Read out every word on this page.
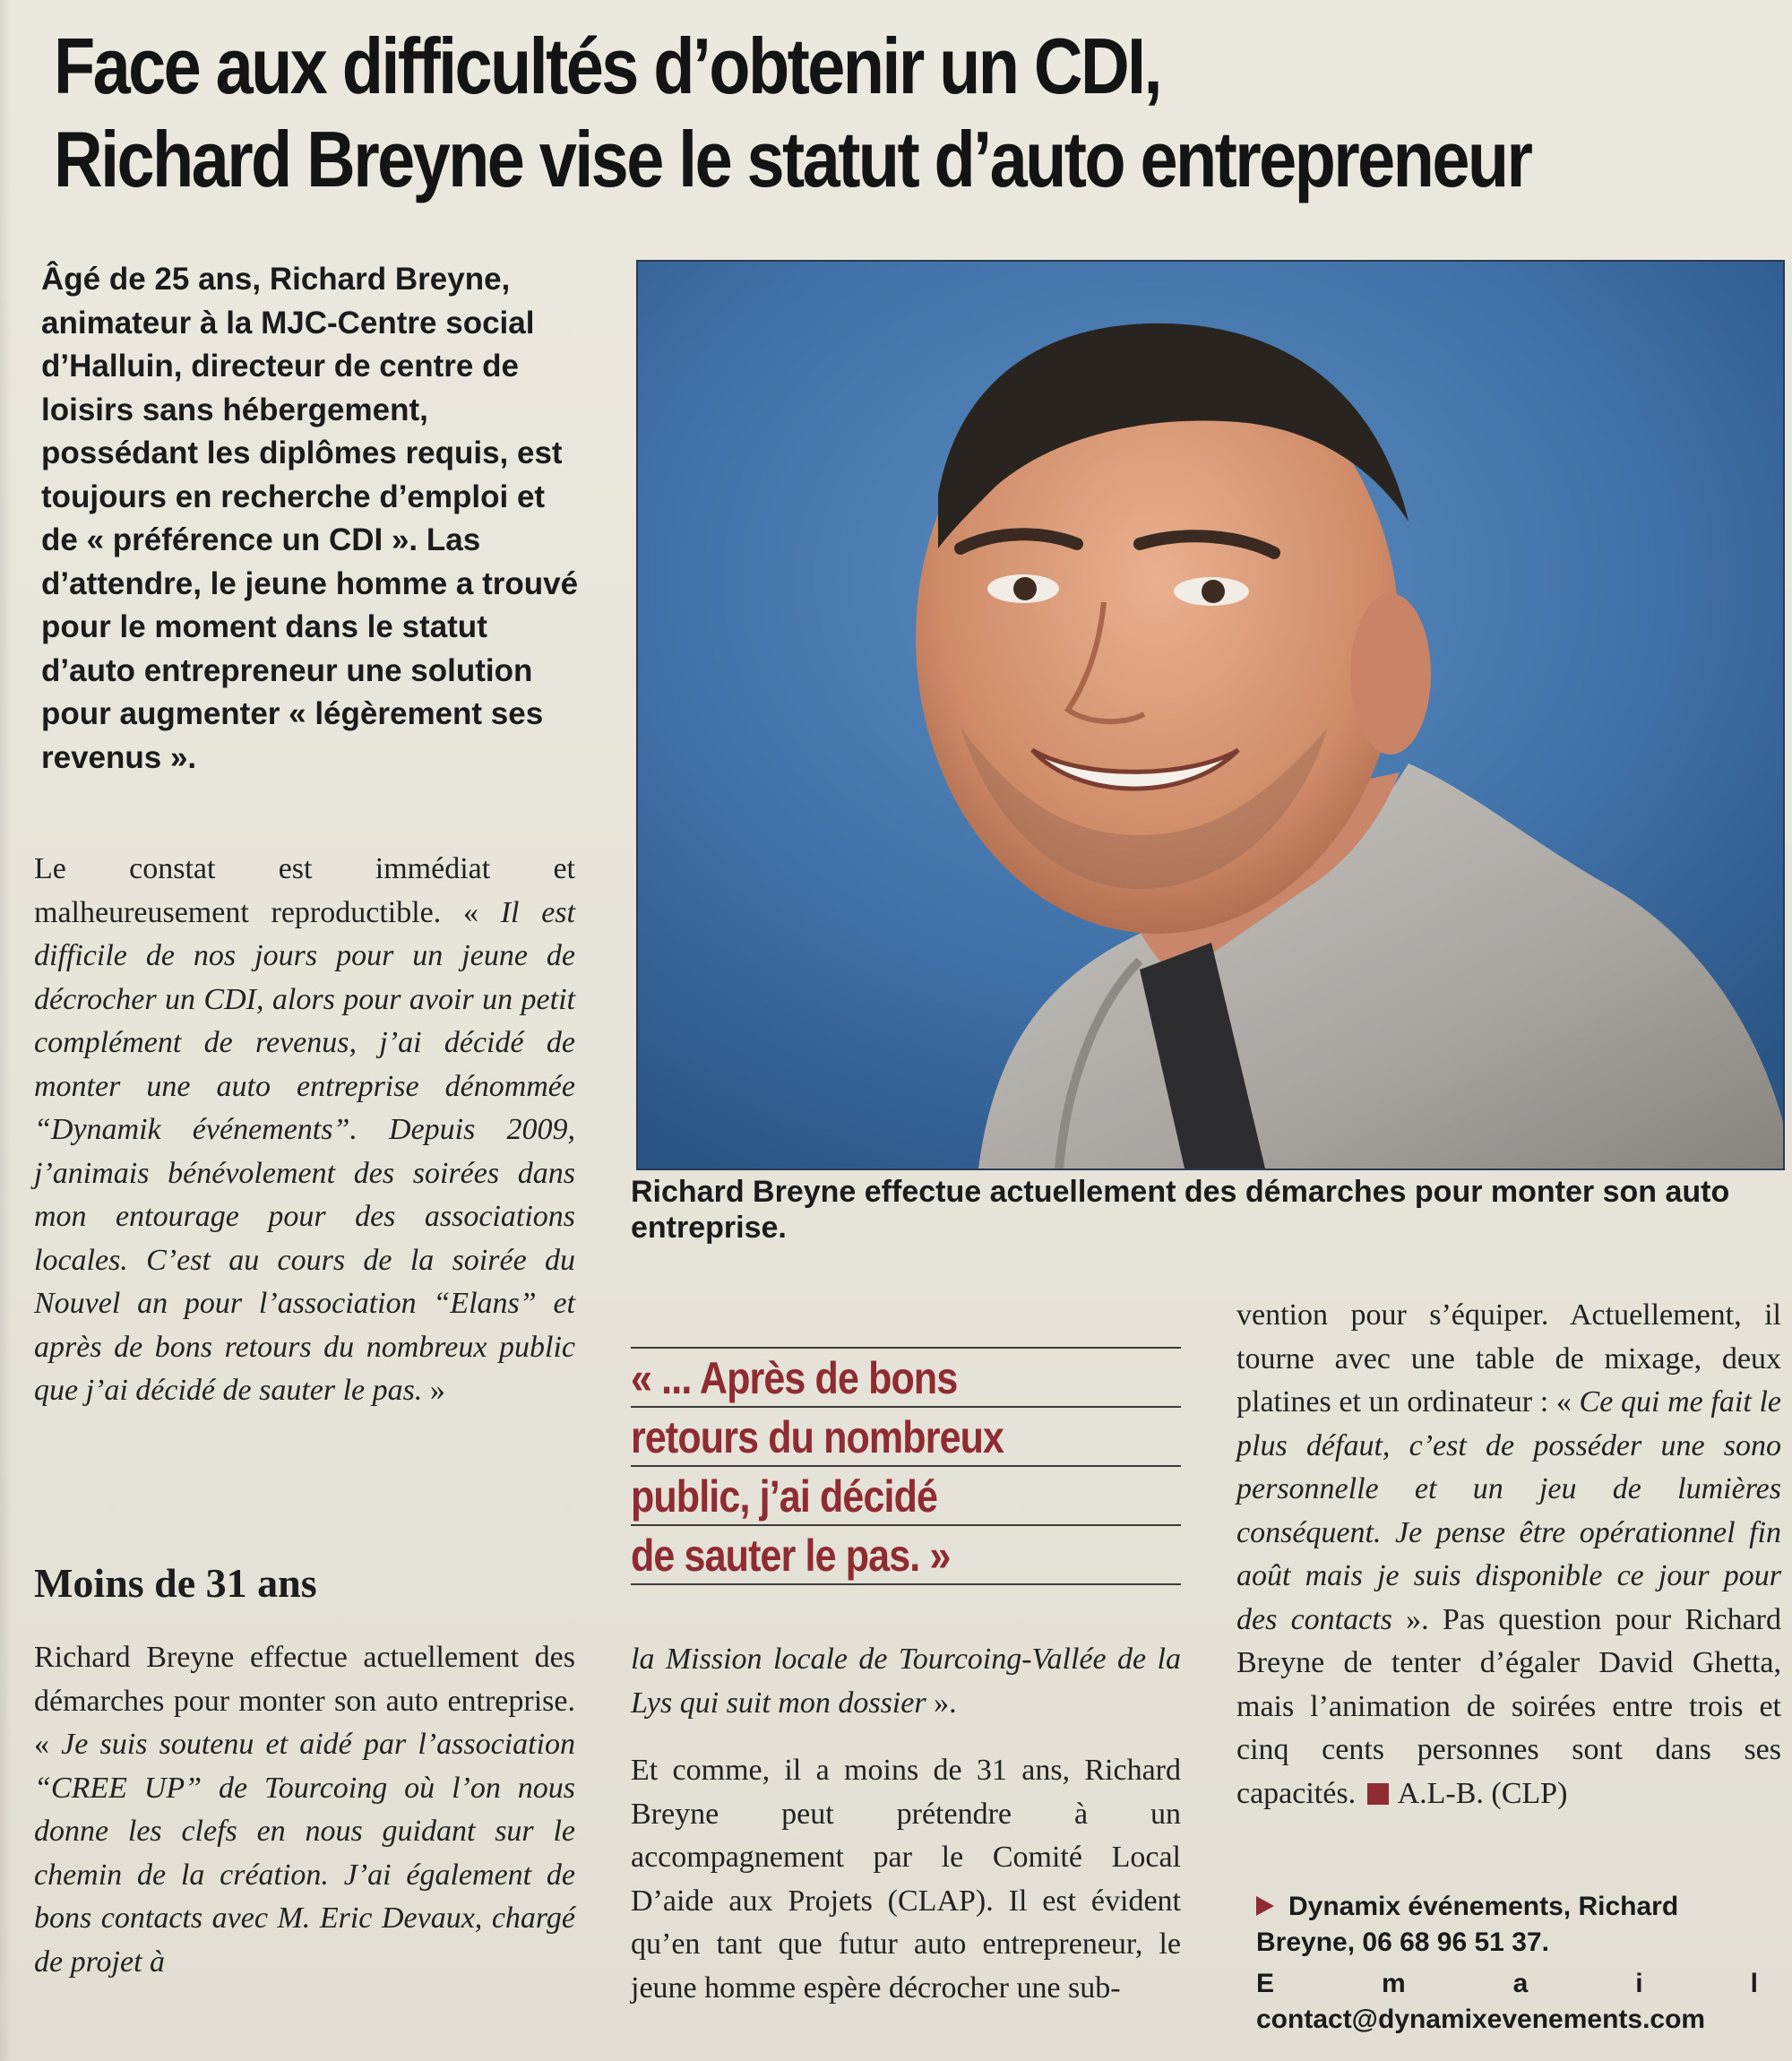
Face aux difficultés d’obtenir un CDI,
Richard Breyne vise le statut d’auto entrepreneur
Âgé de 25 ans, Richard Breyne, animateur à la MJC-Centre social d’Halluin, directeur de centre de loisirs sans hébergement, possédant les diplômes requis, est toujours en recherche d’emploi et de « préférence un CDI ». Las d’attendre, le jeune homme a trouvé pour le moment dans le statut d’auto entrepreneur une solution pour augmenter « légèrement ses revenus ».
Le constat est immédiat et malheureusement reproductible. « Il est difficile de nos jours pour un jeune de décrocher un CDI, alors pour avoir un petit complément de revenus, j’ai décidé de monter une auto entreprise dénommée “Dynamik événements”. Depuis 2009, j’animais bénévolement des soirées dans mon entourage pour des associations locales. C’est au cours de la soirée du Nouvel an pour l’association “Elans” et après de bons retours du nombreux public que j’ai décidé de sauter le pas. »
Moins de 31 ans
Richard Breyne effectue actuellement des démarches pour monter son auto entreprise. « Je suis soutenu et aidé par l’association “CREE UP” de Tourcoing où l’on nous donne les clefs en nous guidant sur le chemin de la création. J’ai également de bons contacts avec M. Eric Devaux, chargé de projet à
Richard Breyne effectue actuellement des démarches pour monter son auto entreprise.
« ... Après de bons
retours du nombreux
public, j’ai décidé
de sauter le pas. »
la Mission locale de Tourcoing-Vallée de la Lys qui suit mon dossier ».
Et comme, il a moins de 31 ans, Richard Breyne peut prétendre à un accompagnement par le Comité Local D’aide aux Projets (CLAP). Il est évident qu’en tant que futur auto entrepreneur, le jeune homme espère décrocher une sub-
vention pour s’équiper. Actuellement, il tourne avec une table de mixage, deux platines et un ordinateur : « Ce qui me fait le plus défaut, c’est de posséder une sono personnelle et un jeu de lumières conséquent. Je pense être opérationnel fin août mais je suis disponible ce jour pour des contacts ». Pas question pour Richard Breyne de tenter d’égaler David Ghetta, mais l’animation de soirées entre trois et cinq cents personnes sont dans ses capacités. A.L-B. (CLP)
Dynamix événements, Richard Breyne, 06 68 96 51 37.
E	m	a	i	l
contact@dynamixevenements.com
